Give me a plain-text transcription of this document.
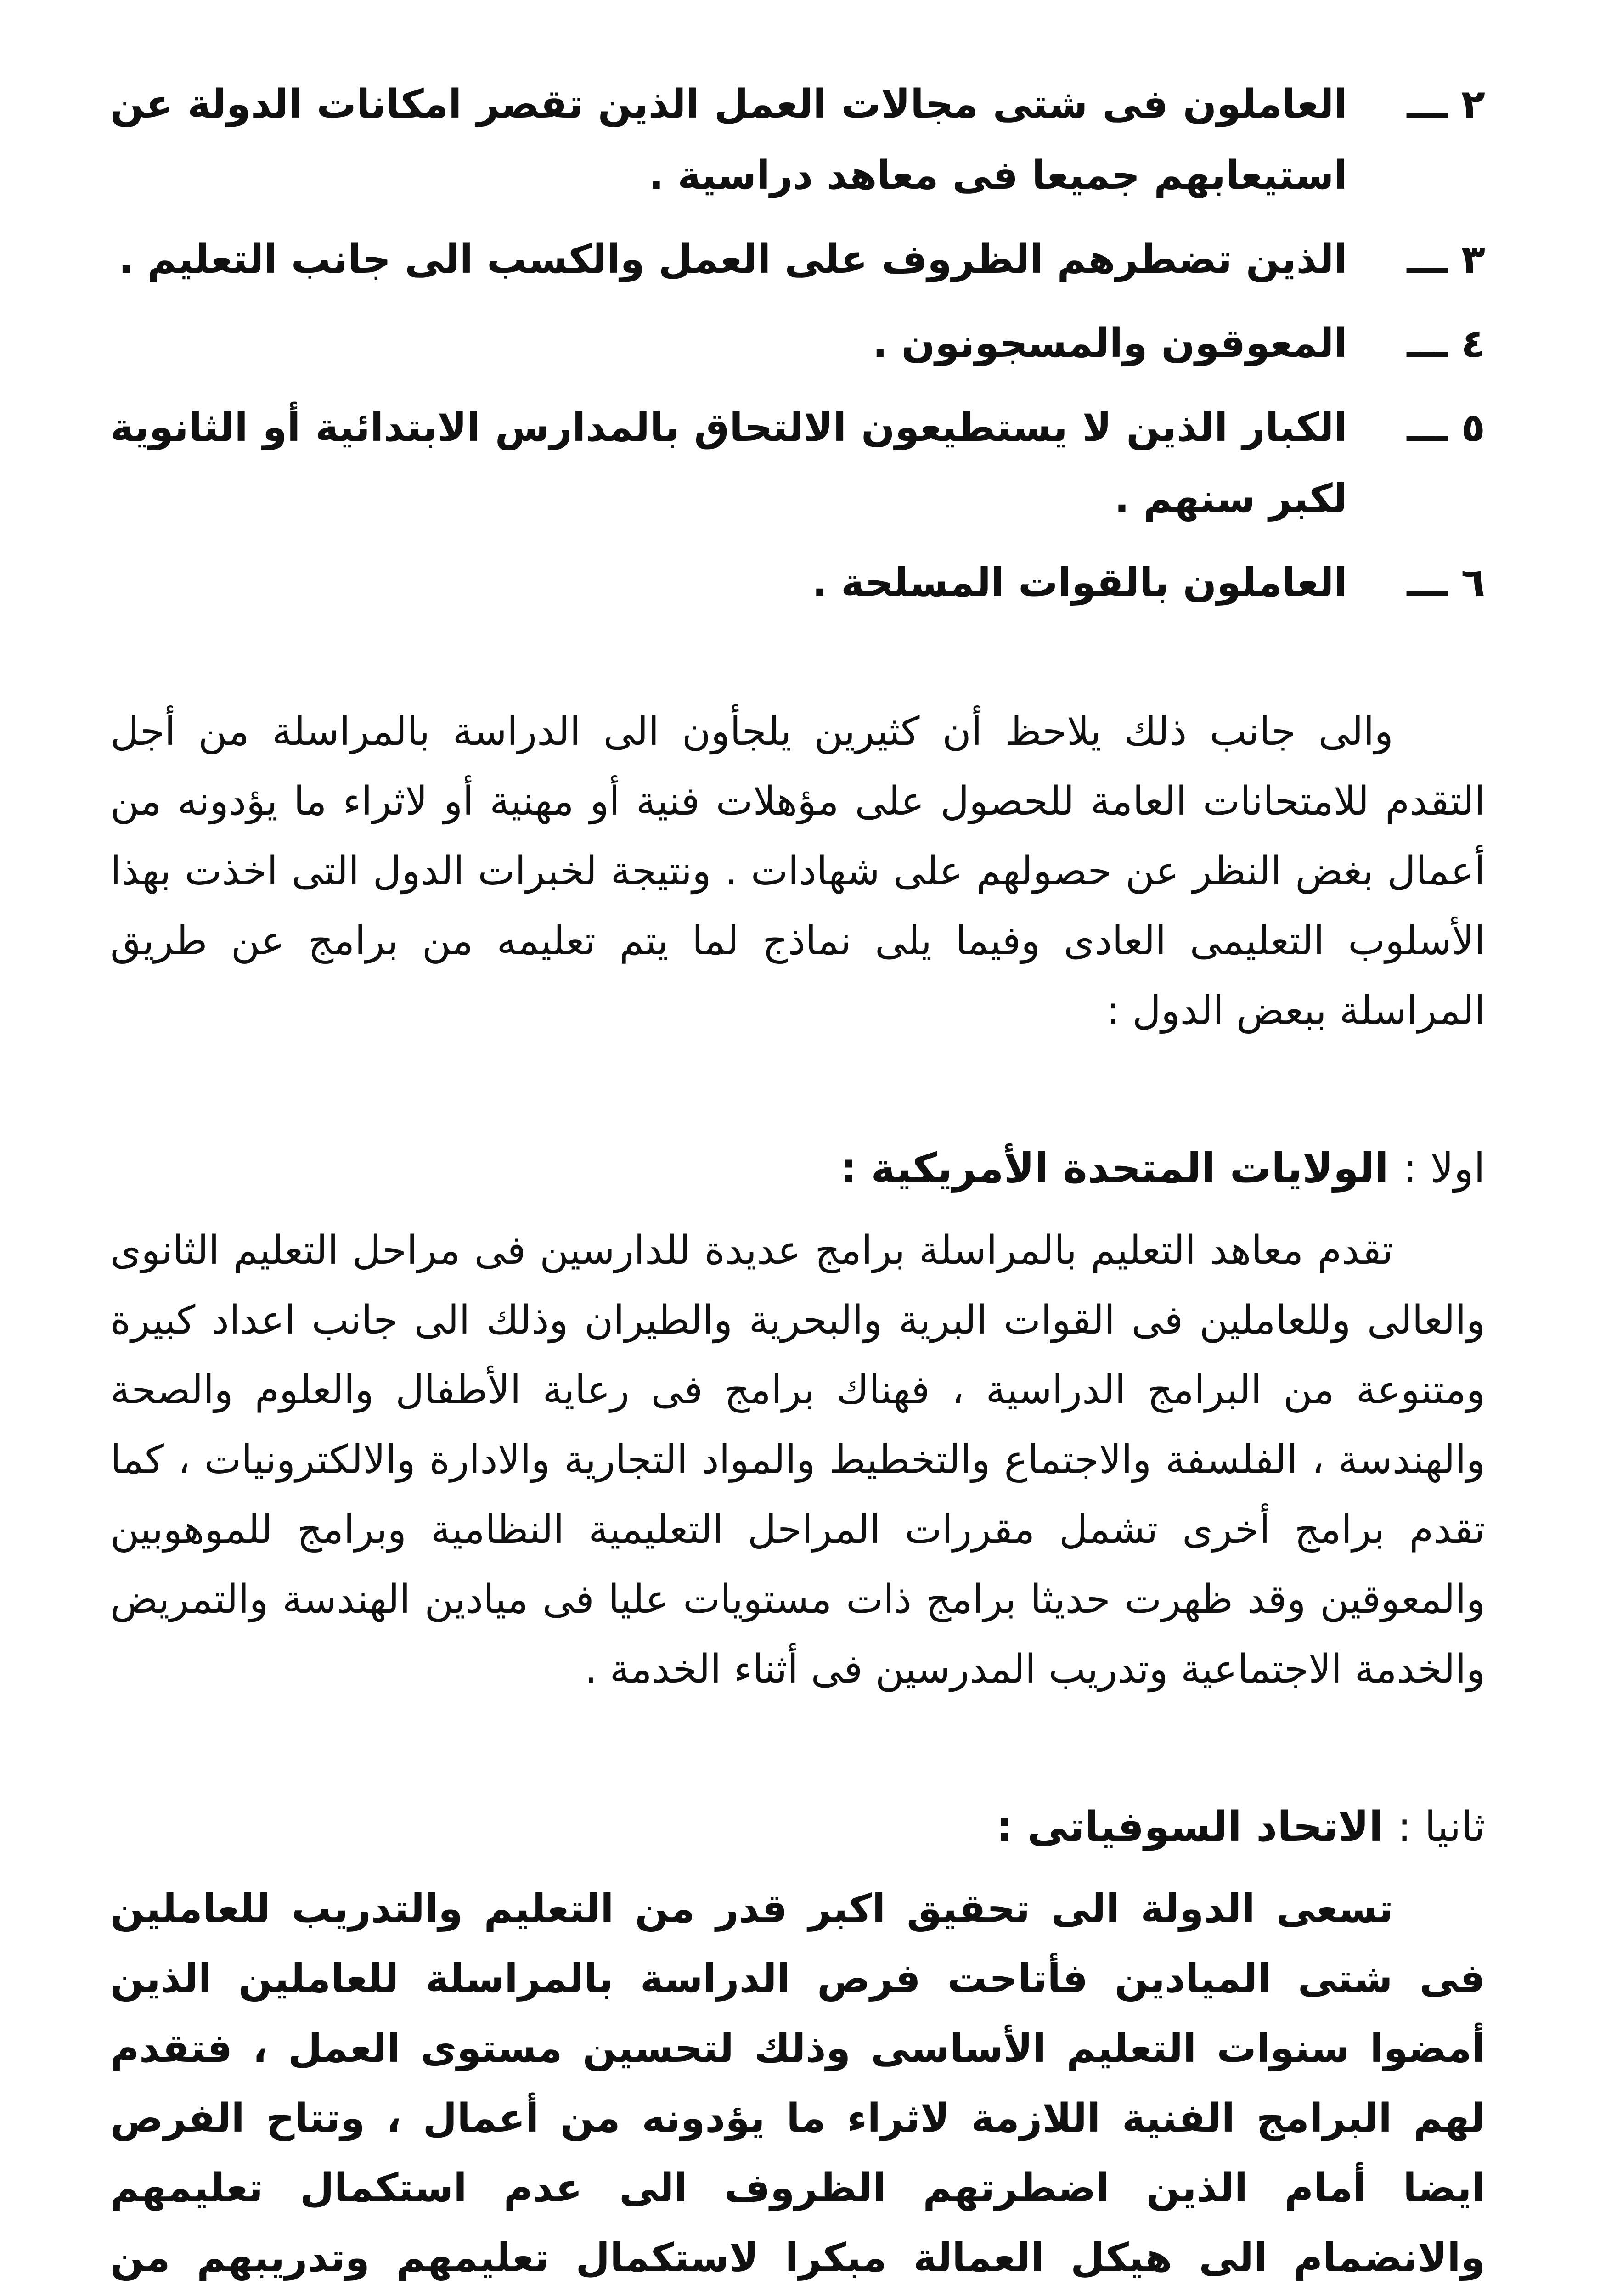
٢ ـــ
العاملون فى شتى مجالات العمل الذين تقصر امكانات الدولة عن استيعابهم جميعا فى معاهد دراسية .
٣ ـــ
الذين تضطرهم الظروف على العمل والكسب الى جانب التعليم .
٤ ـــ
المعوقون والمسجونون .
٥ ـــ
الكبار الذين لا يستطيعون الالتحاق بالمدارس الابتدائية أو الثانوية لكبر سنهم .
٦ ـــ
العاملون بالقوات المسلحة .

والى جانب ذلك يلاحظ أن كثيرين يلجأون الى الدراسة بالمراسلة من أجل التقدم للامتحانات العامة للحصول على مؤهلات فنية أو مهنية أو لاثراء ما يؤدونه من أعمال بغض النظر عن حصولهم على شهادات . ونتيجة لخبرات الدول التى اخذت بهذا الأسلوب التعليمى العادى وفيما يلى نماذج لما يتم تعليمه من برامج عن طريق المراسلة ببعض الدول :

اولا : الولايات المتحدة الأمريكية :

تقدم معاهد التعليم بالمراسلة برامج عديدة للدارسين فى مراحل التعليم الثانوى والعالى وللعاملين فى القوات البرية والبحرية والطيران وذلك الى جانب اعداد كبيرة ومتنوعة من البرامج الدراسية ، فهناك برامج فى رعاية الأطفال والعلوم والصحة والهندسة ، الفلسفة والاجتماع والتخطيط والمواد التجارية والادارة والالكترونيات ، كما تقدم برامج أخرى تشمل مقررات المراحل التعليمية النظامية وبرامج للموهوبين والمعوقين وقد ظهرت حديثا برامج ذات مستويات عليا فى ميادين الهندسة والتمريض والخدمة الاجتماعية وتدريب المدرسين فى أثناء الخدمة .

ثانيا : الاتحاد السوفياتى :

تسعى الدولة الى تحقيق اكبر قدر من التعليم والتدريب للعاملين فى شتى الميادين فأتاحت فرص الدراسة بالمراسلة للعاملين الذين أمضوا سنوات التعليم الأساسى وذلك لتحسين مستوى العمل ، فتقدم لهم البرامج الفنية اللازمة لاثراء ما يؤدونه من أعمال ، وتتاح الفرص ايضا أمام الذين اضطرتهم الظروف الى عدم استكمال تعليمهم والانضمام الى هيكل العمالة مبكرا لاستكمال تعليمهم وتدريبهم من
